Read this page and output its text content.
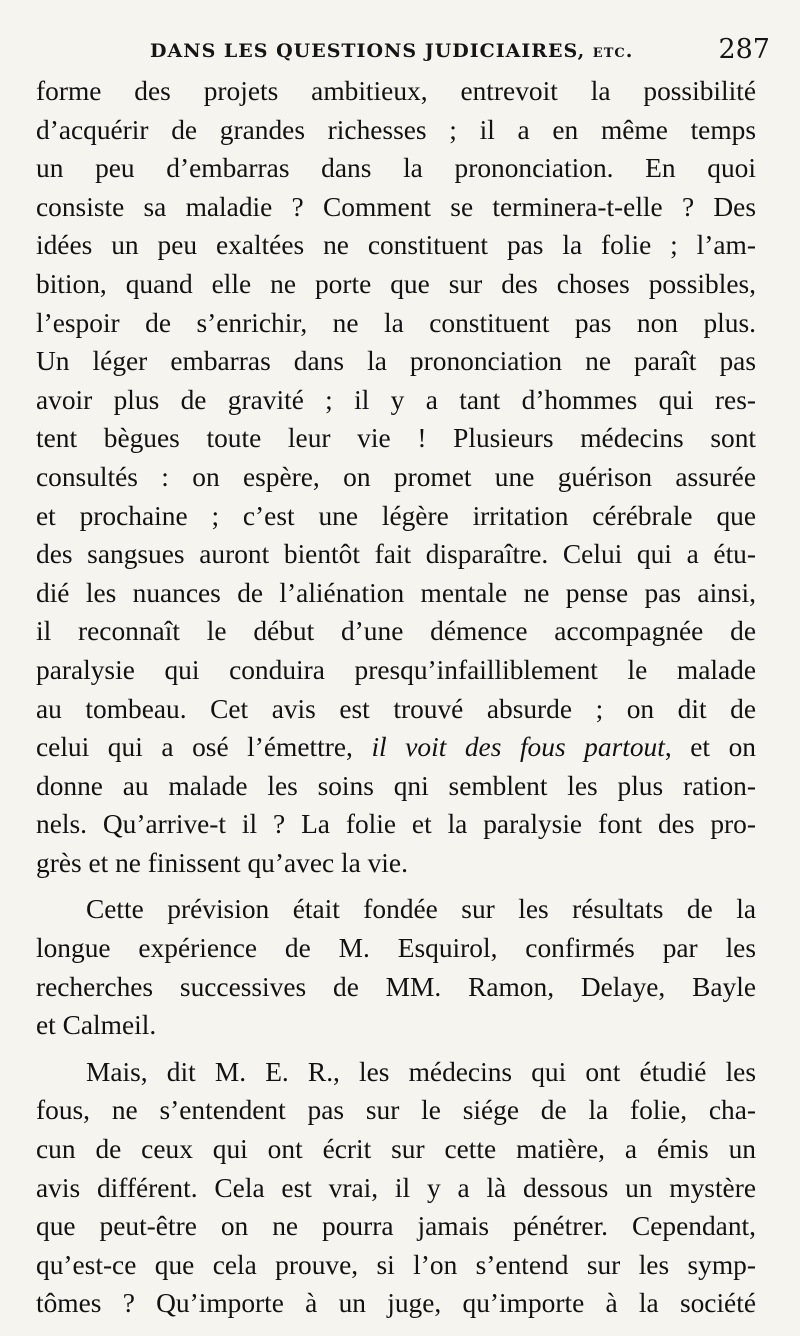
DANS LES QUESTIONS JUDICIAIRES, etc.	287

forme des projets ambitieux, entrevoit la possibilité
d’acquérir de grandes richesses ; il a en même temps
un peu d’embarras dans la prononciation. En quoi
consiste sa maladie ? Comment se terminera-t-elle ? Des
idées un peu exaltées ne constituent pas la folie ; l’am-
bition, quand elle ne porte que sur des choses possibles,
l’espoir de s’enrichir, ne la constituent pas non plus.
Un léger embarras dans la prononciation ne paraît pas
avoir plus de gravité ; il y a tant d’hommes qui res-
tent bègues toute leur vie ! Plusieurs médecins sont
consultés : on espère, on promet une guérison assurée
et prochaine ; c’est une légère irritation cérébrale que
des sangsues auront bientôt fait disparaître. Celui qui a étu-
dié les nuances de l’aliénation mentale ne pense pas ainsi,
il reconnaît le début d’une démence accompagnée de
paralysie qui conduira presqu’infailliblement le malade
au tombeau. Cet avis est trouvé absurde ; on dit de
celui qui a osé l’émettre, il voit des fous partout, et on
donne au malade les soins qni semblent les plus ration-
nels. Qu’arrive-t il ? La folie et la paralysie font des pro-
grès et ne finissent qu’avec la vie.

Cette prévision était fondée sur les résultats de la
longue expérience de M. Esquirol, confirmés par les
recherches successives de MM. Ramon, Delaye, Bayle
et Calmeil.

Mais, dit M. E. R., les médecins qui ont étudié les
fous, ne s’entendent pas sur le siége de la folie, cha-
cun de ceux qui ont écrit sur cette matière, a émis un
avis différent. Cela est vrai, il y a là dessous un mystère
que peut-être on ne pourra jamais pénétrer. Cependant,
qu’est-ce que cela prouve, si l’on s’entend sur les symp-
tômes ? Qu’importe à un juge, qu’importe à la société
